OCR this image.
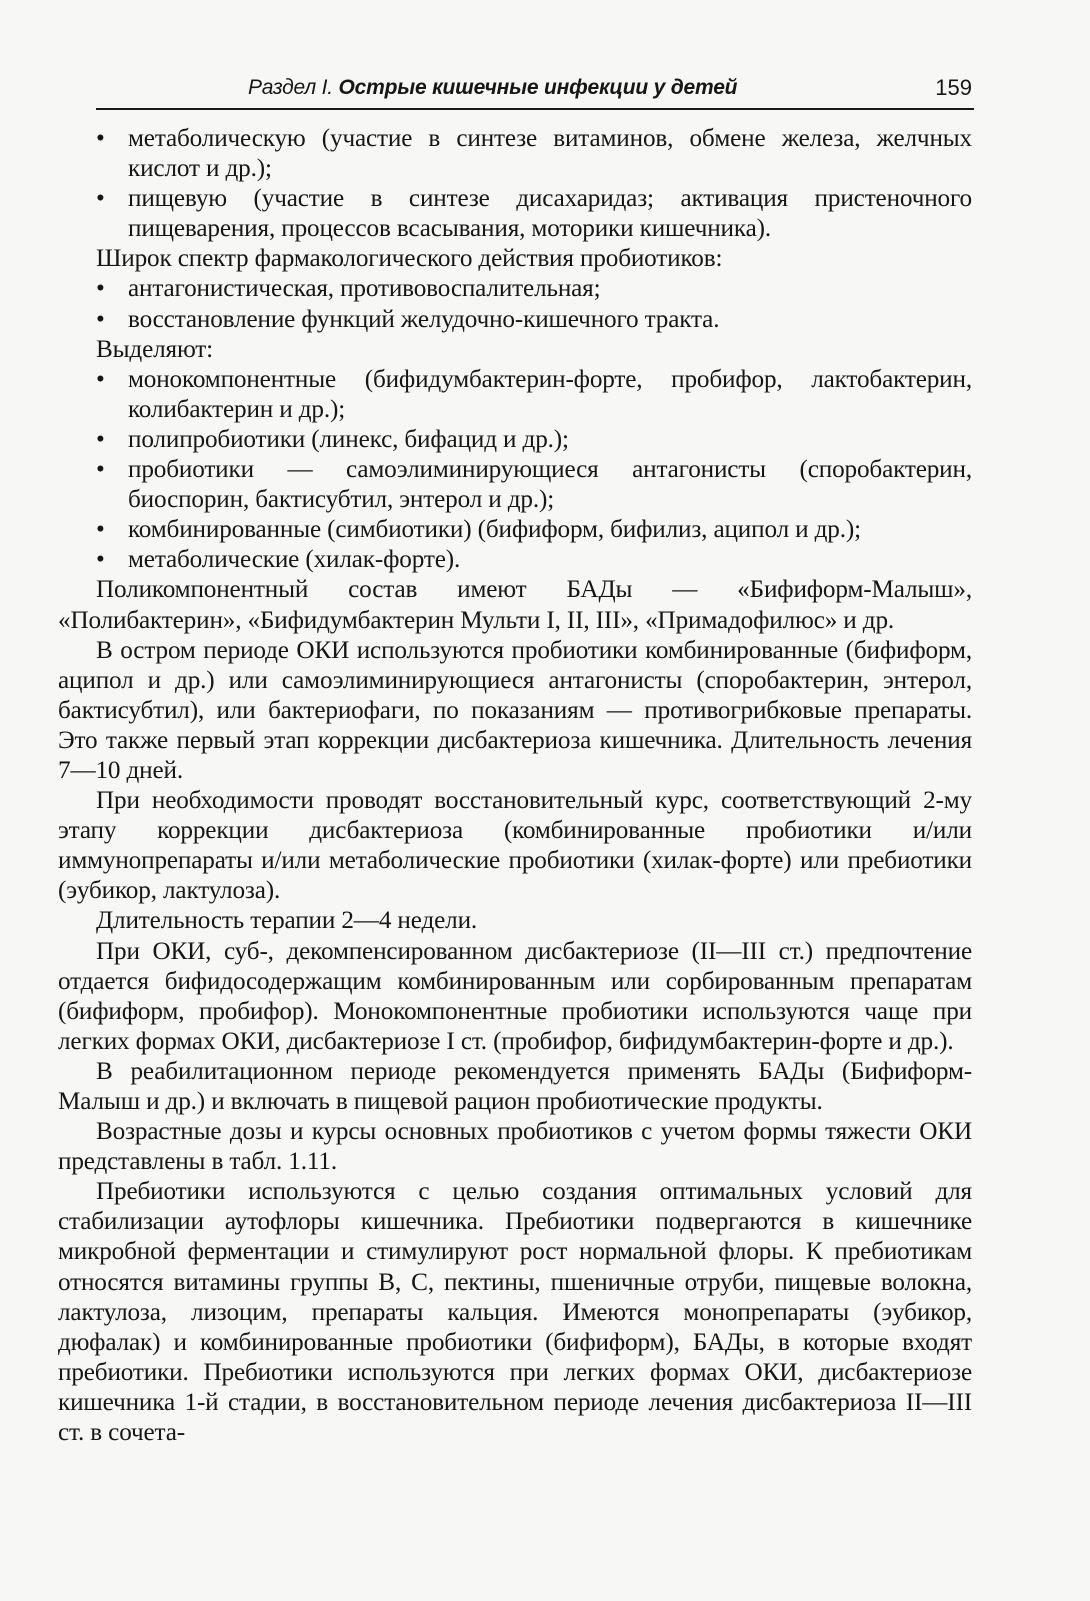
Раздел I. Острые кишечные инфекции у детей	159

• метаболическую (участие в синтезе витаминов, обмене железа, желчных кислот и др.);

• пищевую (участие в синтезе дисахаридаз; активация пристеночного пищеварения, процессов всасывания, моторики кишечника).

Широк спектр фармакологического действия пробиотиков:

• антагонистическая, противовоспалительная;

• восстановление функций желудочно-кишечного тракта.

Выделяют:

• монокомпонентные (бифидумбактерин-форте, пробифор, лактобактерин, колибактерин и др.);

• полипробиотики (линекс, бифацид и др.);

• пробиотики — самоэлиминирующиеся антагонисты (споробактерин, биоспорин, бактисубтил, энтерол и др.);

• комбинированные (симбиотики) (бифиформ, бифилиз, аципол и др.);

• метаболические (хилак-форте).

Поликомпонентный состав имеют БАДы — «Бифиформ-Малыш», «Полибактерин», «Бифидумбактерин Мульти I, II, III», «Примадофилюс» и др.

В остром периоде ОКИ используются пробиотики комбинированные (бифиформ, аципол и др.) или самоэлиминирующиеся антагонисты (споробактерин, энтерол, бактисубтил), или бактериофаги, по показаниям — противогрибковые препараты. Это также первый этап коррекции дисбактериоза кишечника. Длительность лечения 7—10 дней.

При необходимости проводят восстановительный курс, соответствующий 2-му этапу коррекции дисбактериоза (комбинированные пробиотики и/или иммунопрепараты и/или метаболические пробиотики (хилак-форте) или пребиотики (эубикор, лактулоза).

Длительность терапии 2—4 недели.

При ОКИ, суб-, декомпенсированном дисбактериозе (II—III ст.) предпочтение отдается бифидосодержащим комбинированным или сорбированным препаратам (бифиформ, пробифор). Монокомпонентные пробиотики используются чаще при легких формах ОКИ, дисбактериозе I ст. (пробифор, бифидумбактерин-форте и др.).

В реабилитационном периоде рекомендуется применять БАДы (Бифиформ-Малыш и др.) и включать в пищевой рацион пробиотические продукты.

Возрастные дозы и курсы основных пробиотиков с учетом формы тяжести ОКИ представлены в табл. 1.11.

Пребиотики используются с целью создания оптимальных условий для стабилизации аутофлоры кишечника. Пребиотики подвергаются в кишечнике микробной ферментации и стимулируют рост нормальной флоры. К пребиотикам относятся витамины группы В, С, пектины, пшеничные отруби, пищевые волокна, лактулоза, лизоцим, препараты кальция. Имеются монопрепараты (эубикор, дюфалак) и комбинированные пробиотики (бифиформ), БАДы, в которые входят пребиотики. Пребиотики используются при легких формах ОКИ, дисбактериозе кишечника 1-й стадии, в восстановительном периоде лечения дисбактериоза II—III ст. в сочета-
